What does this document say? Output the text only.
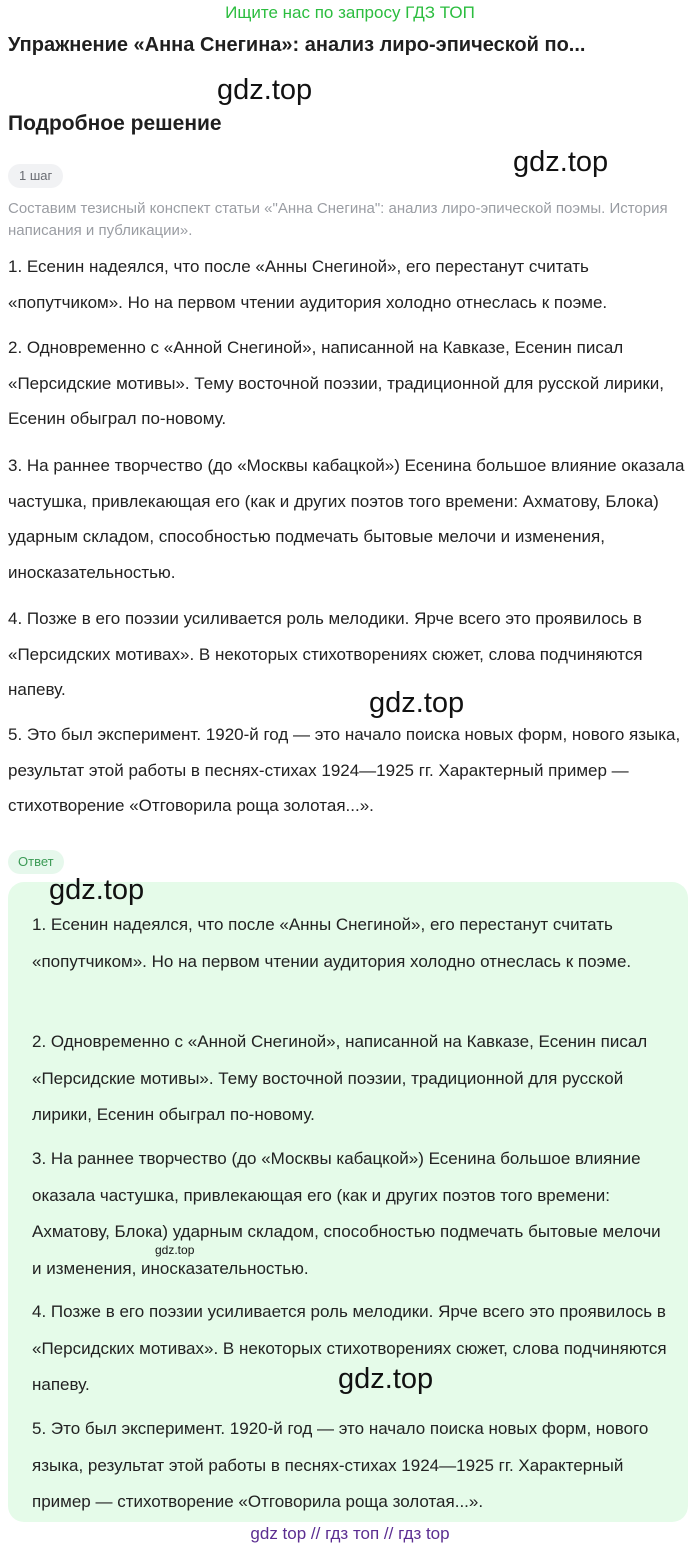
Ищите нас по запросу ГДЗ ТОП
Упражнение «Анна Снегина»: анализ лиро-эпической по...
Подробное решение
1 шаг
Составим тезисный конспект статьи «"Анна Снегина": анализ лиро-эпической поэмы. История написания и публикации».
1. Есенин надеялся, что после «Анны Снегиной», его перестанут считать «попутчиком». Но на первом чтении аудитория холодно отнеслась к поэме.
2. Одновременно с «Анной Снегиной», написанной на Кавказе, Есенин писал «Персидские мотивы». Тему восточной поэзии, традиционной для русской лирики, Есенин обыграл по-новому.
3. На раннее творчество (до «Москвы кабацкой») Есенина большое влияние оказала частушка, привлекающая его (как и других поэтов того времени: Ахматову, Блока) ударным складом, способностью подмечать бытовые мелочи и изменения, иносказательностью.
4. Позже в его поэзии усиливается роль мелодики. Ярче всего это проявилось в «Персидских мотивах». В некоторых стихотворениях сюжет, слова подчиняются напеву.
5. Это был эксперимент. 1920-й год — это начало поиска новых форм, нового языка, результат этой работы в песнях-стихах 1924—1925 гг. Характерный пример — стихотворение «Отговорила роща золотая...».
Ответ
1. Есенин надеялся, что после «Анны Снегиной», его перестанут считать «попутчиком». Но на первом чтении аудитория холодно отнеслась к поэме.
2. Одновременно с «Анной Снегиной», написанной на Кавказе, Есенин писал «Персидские мотивы». Тему восточной поэзии, традиционной для русской лирики, Есенин обыграл по-новому.
3. На раннее творчество (до «Москвы кабацкой») Есенина большое влияние оказала частушка, привлекающая его (как и других поэтов того времени: Ахматову, Блока) ударным складом, способностью подмечать бытовые мелочи и изменения, иносказательностью.
4. Позже в его поэзии усиливается роль мелодики. Ярче всего это проявилось в «Персидских мотивах». В некоторых стихотворениях сюжет, слова подчиняются напеву.
5. Это был эксперимент. 1920-й год — это начало поиска новых форм, нового языка, результат этой работы в песнях-стихах 1924—1925 гг. Характерный пример — стихотворение «Отговорила роща золотая...».
gdz.top
gdz.top
gdz.top
gdz.top
gdz.top
gdz.top
gdz top // гдз топ // гдз top
